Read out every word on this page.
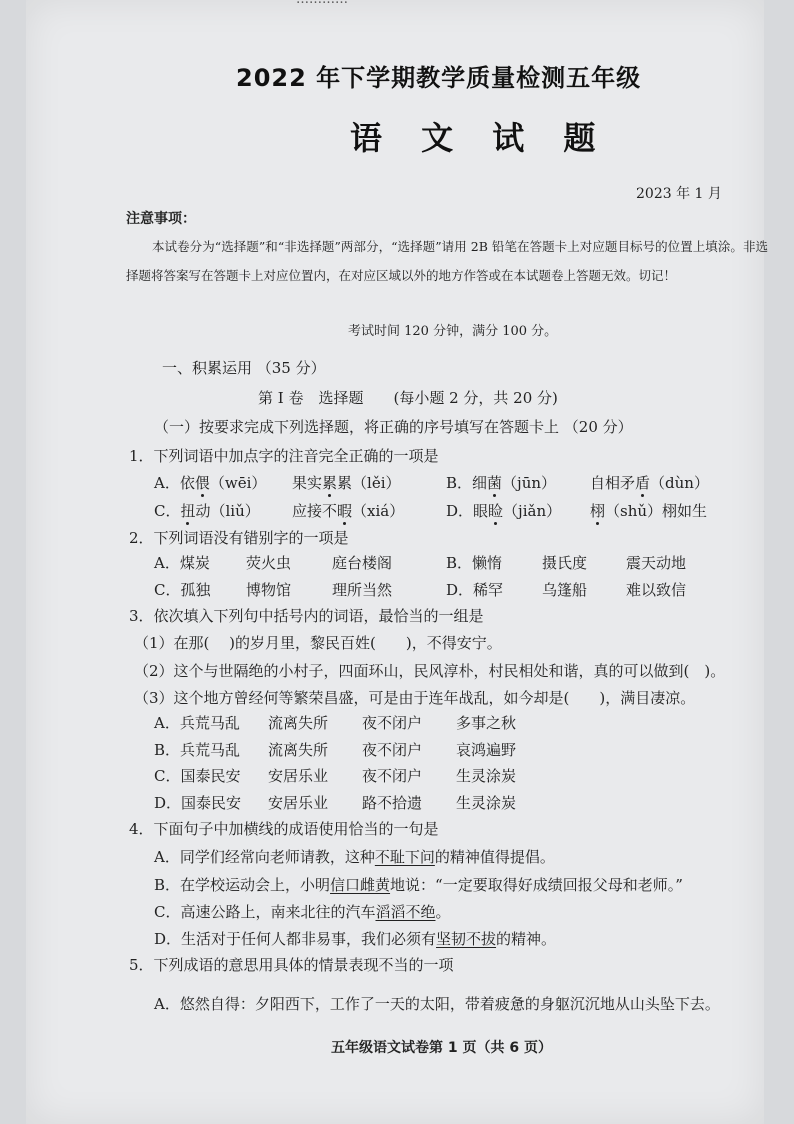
2022 年下学期教学质量检测五年级
语 文 试 题
2023 年 1 月
注意事项：
本试卷分为“选择题”和“非选择题”两部分，“选择题”请用 2B 铅笔在答题卡上对应题目标号的位置上填涂。非选择题将答案写在答题卡上对应位置内，在对应区域以外的地方作答或在本试题卷上答题无效。切记！
考试时间 120 分钟，满分 100 分。
一、积累运用 （35 分）
第 I 卷　选择题　　(每小题 2 分，共 20 分)
（一）按要求完成下列选择题，将正确的序号填写在答题卡上 （20 分）
1．下列词语中加点字的注音完全正确的一项是
A．依偎（wēi） 果实累累（lěi）	B．细菌（jūn） 自相矛盾（dùn）
C．扭动（liǔ） 应接不暇（xiá）	D．眼睑（jiǎn） 栩（shǔ）栩如生
2．下列词语没有错别字的一项是
A．煤炭 荧火虫	庭台楼阁	B．懒惰	摄氏度	震天动地
C．孤独 博物馆	理所当然	D．稀罕	乌篷船	难以致信
3．依次填入下列句中括号内的词语，最恰当的一组是
（1）在那(　 )的岁月里，黎民百姓(　　)，不得安宁。
（2）这个与世隔绝的小村子，四面环山，民风淳朴，村民相处和谐，真的可以做到(　)。
（3）这个地方曾经何等繁荣昌盛，可是由于连年战乱，如今却是(　　)，满目凄凉。
A．兵荒马乱 流离失所 夜不闭户 多事之秋
B．兵荒马乱 流离失所 夜不闭户 哀鸿遍野
C．国泰民安 安居乐业 夜不闭户 生灵涂炭
D．国泰民安 安居乐业 路不拾遗 生灵涂炭
4．下面句子中加横线的成语使用恰当的一句是
A．同学们经常向老师请教，这种不耻下问的精神值得提倡。
B．在学校运动会上，小明信口雌黄地说：“一定要取得好成绩回报父母和老师。”
C．高速公路上，南来北往的汽车滔滔不绝。
D．生活对于任何人都非易事，我们必须有坚韧不拔的精神。
5．下列成语的意思用具体的情景表现不当的一项
A．悠然自得：夕阳西下，工作了一天的太阳，带着疲惫的身躯沉沉地从山头坠下去。
五年级语文试卷第 1 页（共 6 页）
